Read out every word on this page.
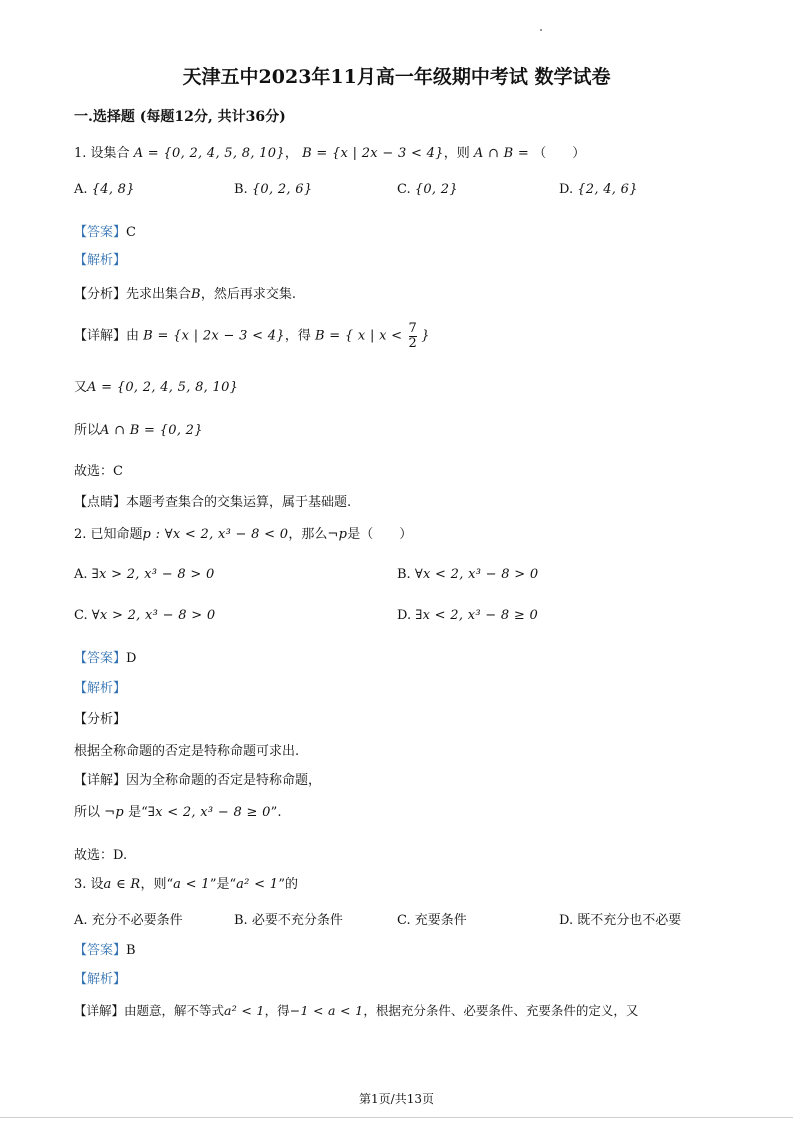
天津五中2023年11月高一年级期中考试 数学试卷
一.选择题 (每题12分, 共计36分)
1. 设集合 A = {0, 2, 4, 5, 8, 10}， B = {x | 2x − 3 < 4}，则 A ∩ B = （　　）
A. {4, 8}	B. {0, 2, 6}	C. {0, 2}	D. {2, 4, 6}
【答案】C
【解析】
【分析】先求出集合B，然后再求交集.
【详解】由 B = {x | 2x − 3 < 4}，得 B = { x | $x < \frac{7}{2}$ }
又A = {0, 2, 4, 5, 8, 10}
所以A ∩ B = {0, 2}
故选：C
【点睛】本题考查集合的交集运算，属于基础题.
2. 已知命题p : ∀x < 2, x³ − 8 < 0，那么¬p是（　　）
A. ∃x > 2, x³ − 8 > 0	B. ∀x < 2, x³ − 8 > 0
C. ∀x > 2, x³ − 8 > 0	D. ∃x < 2, x³ − 8 ≥ 0
【答案】D
【解析】
【分析】
根据全称命题的否定是特称命题可求出.
【详解】因为全称命题的否定是特称命题，
所以 ¬p 是“∃x < 2, x³ − 8 ≥ 0”.
故选：D.
3. 设a ∈ R，则“a < 1”是“a² < 1”的
A. 充分不必要条件	B. 必要不充分条件	C. 充要条件	D. 既不充分也不必要
【答案】B
【解析】
【详解】由题意，解不等式a² < 1，得−1 < a < 1，根据充分条件、必要条件、充要条件的定义，又
第1页/共13页
